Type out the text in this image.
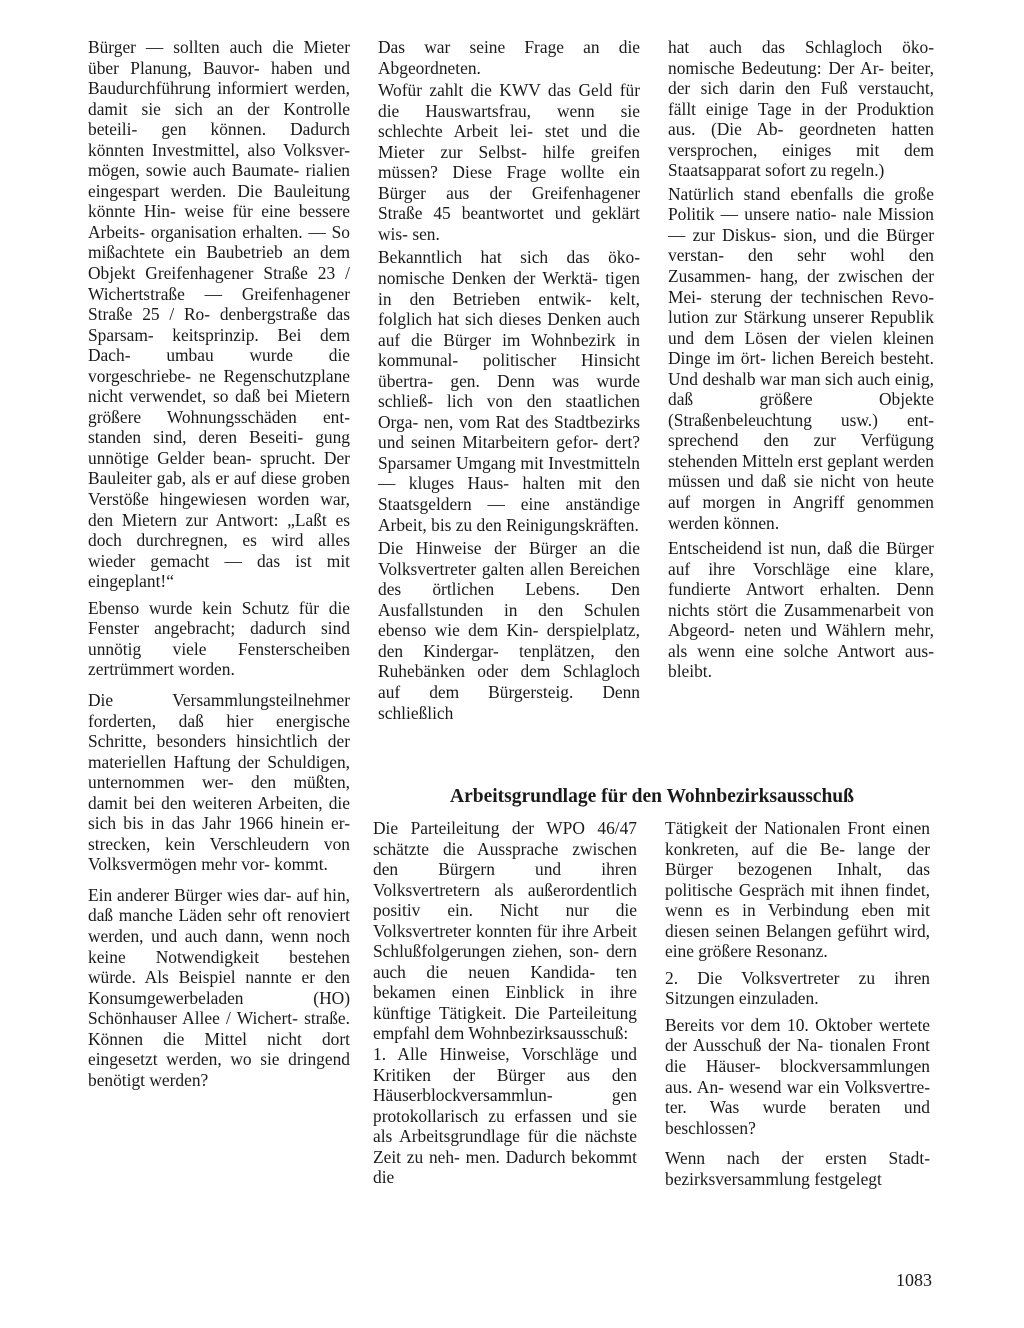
Bürger — sollten auch die Mieter über Planung, Bauvor- haben und Baudurchführung informiert werden, damit sie sich an der Kontrolle beteili- gen können. Dadurch könnten Investmittel, also Volksver- mögen, sowie auch Baumate- rialien eingespart werden. Die Bauleitung könnte Hin- weise für eine bessere Arbeits- organisation erhalten. — So mißachtete ein Baubetrieb an dem Objekt Greifenhagener Straße 23 / Wichertstraße — Greifenhagener Straße 25 / Ro- denbergstraße das Sparsam- keitsprinzip. Bei dem Dach- umbau wurde die vorgeschriebe- ne Regenschutzplane nicht verwendet, so daß bei Mietern größere Wohnungsschäden ent- standen sind, deren Beseiti- gung unnötige Gelder bean- sprucht. Der Bauleiter gab, als er auf diese groben Verstöße hingewiesen worden war, den Mietern zur Antwort: „Laßt es doch durchregnen, es wird alles wieder gemacht — das ist mit eingeplant!“

Ebenso wurde kein Schutz für die Fenster angebracht; dadurch sind unnötig viele Fensterscheiben zertrümmert worden.

Die Versammlungsteilnehmer forderten, daß hier energische Schritte, besonders hinsichtlich der materiellen Haftung der Schuldigen, unternommen wer- den müßten, damit bei den weiteren Arbeiten, die sich bis in das Jahr 1966 hinein er- strecken, kein Verschleudern von Volksvermögen mehr vor- kommt.

Ein anderer Bürger wies dar- auf hin, daß manche Läden sehr oft renoviert werden, und auch dann, wenn noch keine Notwendigkeit bestehen würde. Als Beispiel nannte er den Konsumgewerbeladen (HO) Schönhauser Allee / Wichert- straße. Können die Mittel nicht dort eingesetzt werden, wo sie dringend benötigt werden?

Das war seine Frage an die Abgeordneten.

Wofür zahlt die KWV das Geld für die Hauswartsfrau, wenn sie schlechte Arbeit lei- stet und die Mieter zur Selbst- hilfe greifen müssen? Diese Frage wollte ein Bürger aus der Greifenhagener Straße 45 beantwortet und geklärt wis- sen.

Bekanntlich hat sich das öko- nomische Denken der Werktä- tigen in den Betrieben entwik- kelt, folglich hat sich dieses Denken auch auf die Bürger im Wohnbezirk in kommunal- politischer Hinsicht übertra- gen. Denn was wurde schließ- lich von den staatlichen Orga- nen, vom Rat des Stadtbezirks und seinen Mitarbeitern gefor- dert? Sparsamer Umgang mit Investmitteln — kluges Haus- halten mit den Staatsgeldern — eine anständige Arbeit, bis zu den Reinigungskräften.

Die Hinweise der Bürger an die Volksvertreter galten allen Bereichen des örtlichen Lebens. Den Ausfallstunden in den Schulen ebenso wie dem Kin- derspielplatz, den Kindergar- tenplätzen, den Ruhebänken oder dem Schlagloch auf dem Bürgersteig. Denn schließlich

hat auch das Schlagloch öko- nomische Bedeutung: Der Ar- beiter, der sich darin den Fuß verstaucht, fällt einige Tage in der Produktion aus. (Die Ab- geordneten hatten versprochen, einiges mit dem Staatsapparat sofort zu regeln.)

Natürlich stand ebenfalls die große Politik — unsere natio- nale Mission — zur Diskus- sion, und die Bürger verstan- den sehr wohl den Zusammen- hang, der zwischen der Mei- sterung der technischen Revo- lution zur Stärkung unserer Republik und dem Lösen der vielen kleinen Dinge im ört- lichen Bereich besteht. Und deshalb war man sich auch einig, daß größere Objekte (Straßenbeleuchtung usw.) ent- sprechend den zur Verfügung stehenden Mitteln erst geplant werden müssen und daß sie nicht von heute auf morgen in Angriff genommen werden können.

Entscheidend ist nun, daß die Bürger auf ihre Vorschläge eine klare, fundierte Antwort erhalten. Denn nichts stört die Zusammenarbeit von Abgeord- neten und Wählern mehr, als wenn eine solche Antwort aus- bleibt.

Arbeitsgrundlage für den Wohnbezirksausschuß

Die Parteileitung der WPO 46/47 schätzte die Aussprache zwischen den Bürgern und ihren Volksvertretern als außerordentlich positiv ein. Nicht nur die Volksvertreter konnten für ihre Arbeit Schlußfolgerungen ziehen, son- dern auch die neuen Kandida- ten bekamen einen Einblick in ihre künftige Tätigkeit. Die Parteileitung empfahl dem Wohnbezirksausschuß:

1. Alle Hinweise, Vorschläge und Kritiken der Bürger aus den Häuserblockversammlun-	gen protokollarisch zu erfassen und sie als Arbeitsgrundlage für die nächste Zeit zu neh- men. Dadurch bekommt die

Tätigkeit der Nationalen Front einen konkreten, auf die Be- lange der Bürger bezogenen Inhalt, das politische Gespräch mit ihnen findet, wenn es in Verbindung eben mit diesen seinen Belangen geführt wird, eine größere Resonanz.

2. Die Volksvertreter zu ihren Sitzungen einzuladen.

Bereits vor dem 10. Oktober wertete der Ausschuß der Na- tionalen Front die Häuser- blockversammlungen aus. An- wesend war ein Volksvertre- ter. Was wurde beraten und beschlossen?

Wenn nach der ersten Stadt- bezirksversammlung festgelegt

1083
